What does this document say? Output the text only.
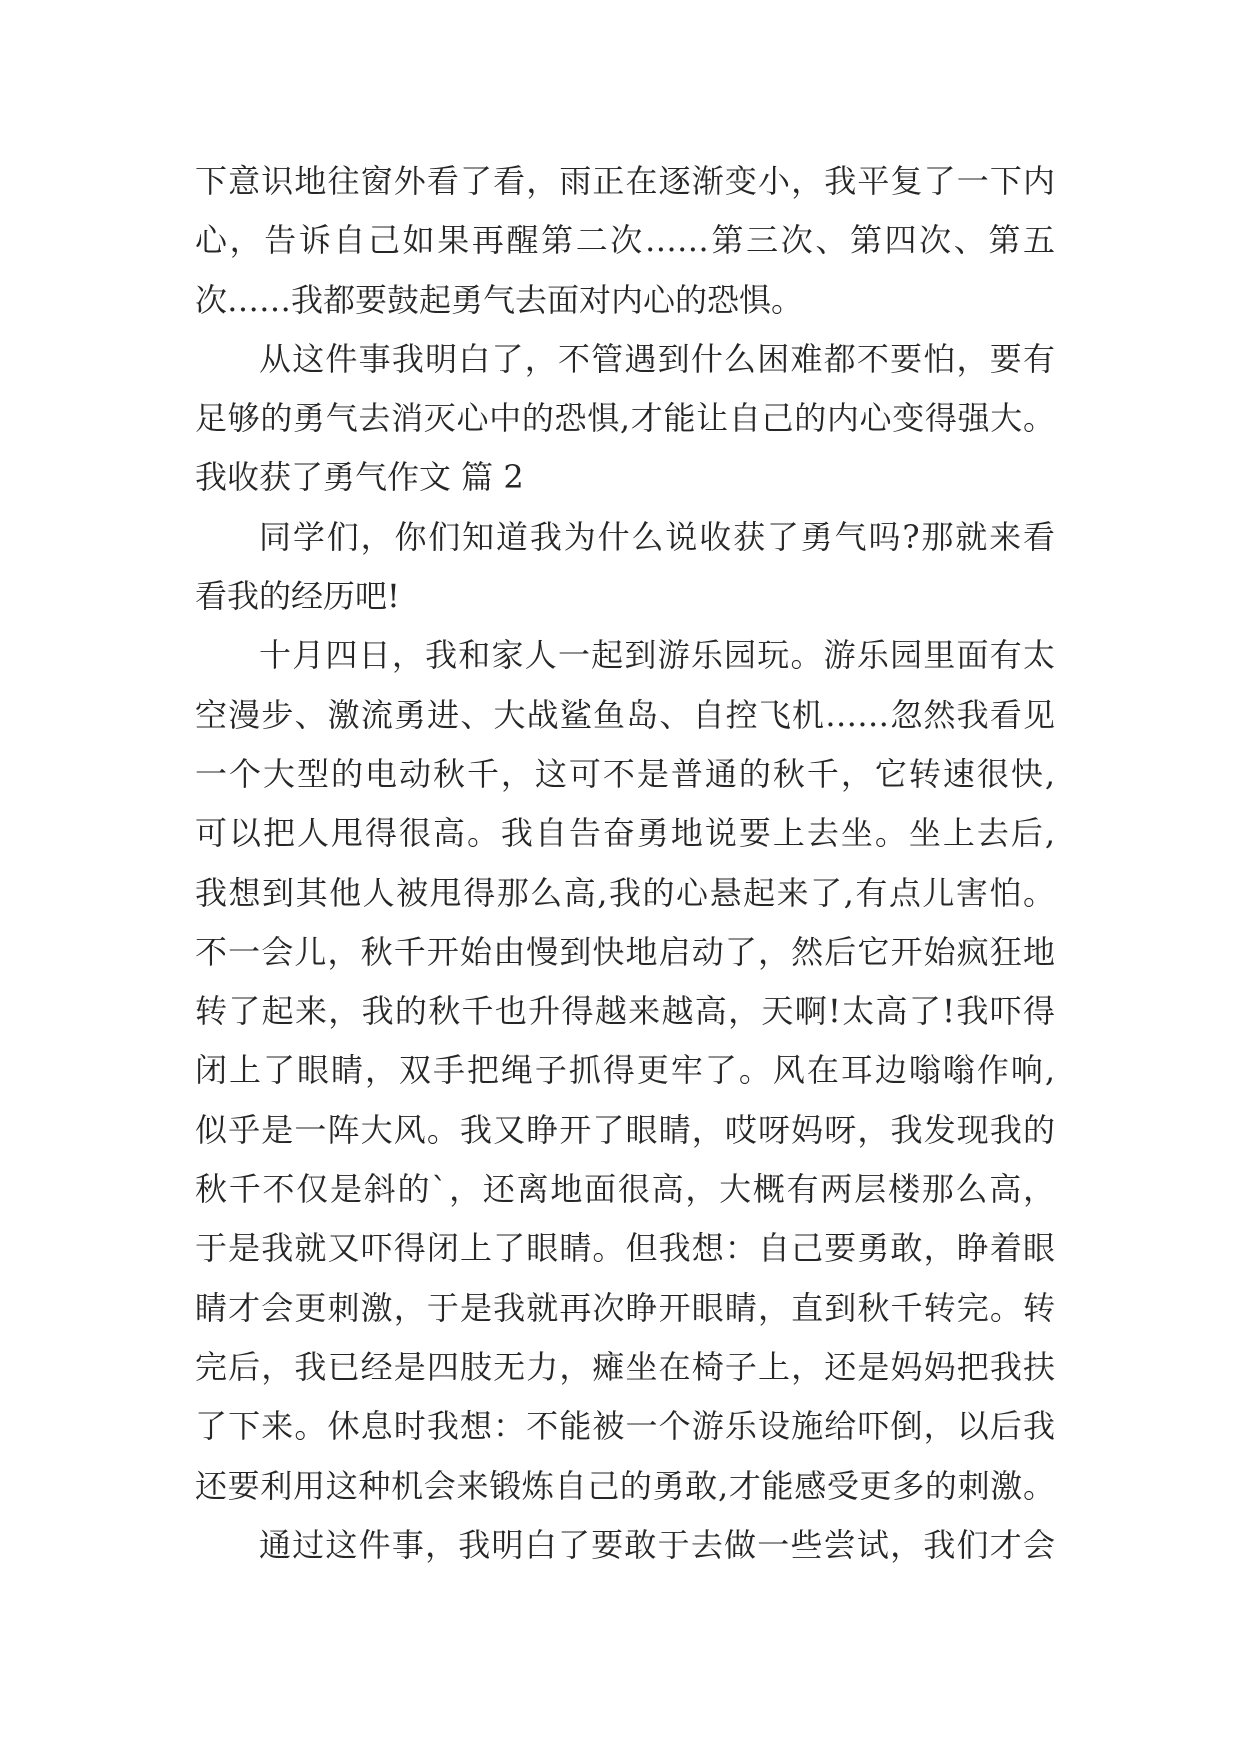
下意识地往窗外看了看，雨正在逐渐变小，我平复了一下内
心，告诉自己如果再醒第二次……第三次、第四次、第五
次……我都要鼓起勇气去面对内心的恐惧。
从这件事我明白了，不管遇到什么困难都不要怕，要有
足够的勇气去消灭心中的恐惧,才能让自己的内心变得强大。
我收获了勇气作文 篇 2
同学们，你们知道我为什么说收获了勇气吗?那就来看
看我的经历吧!
十月四日，我和家人一起到游乐园玩。游乐园里面有太
空漫步、激流勇进、大战鲨鱼岛、自控飞机……忽然我看见
一个大型的电动秋千，这可不是普通的秋千，它转速很快,
可以把人甩得很高。我自告奋勇地说要上去坐。坐上去后,
我想到其他人被甩得那么高,我的心悬起来了,有点儿害怕。
不一会儿，秋千开始由慢到快地启动了，然后它开始疯狂地
转了起来，我的秋千也升得越来越高，天啊!太高了!我吓得
闭上了眼睛，双手把绳子抓得更牢了。风在耳边嗡嗡作响,
似乎是一阵大风。我又睁开了眼睛，哎呀妈呀，我发现我的
秋千不仅是斜的`，还离地面很高，大概有两层楼那么高，
于是我就又吓得闭上了眼睛。但我想：自己要勇敢，睁着眼
睛才会更刺激，于是我就再次睁开眼睛，直到秋千转完。转
完后，我已经是四肢无力，瘫坐在椅子上，还是妈妈把我扶
了下来。休息时我想：不能被一个游乐设施给吓倒，以后我
还要利用这种机会来锻炼自己的勇敢,才能感受更多的刺激。
通过这件事，我明白了要敢于去做一些尝试，我们才会
